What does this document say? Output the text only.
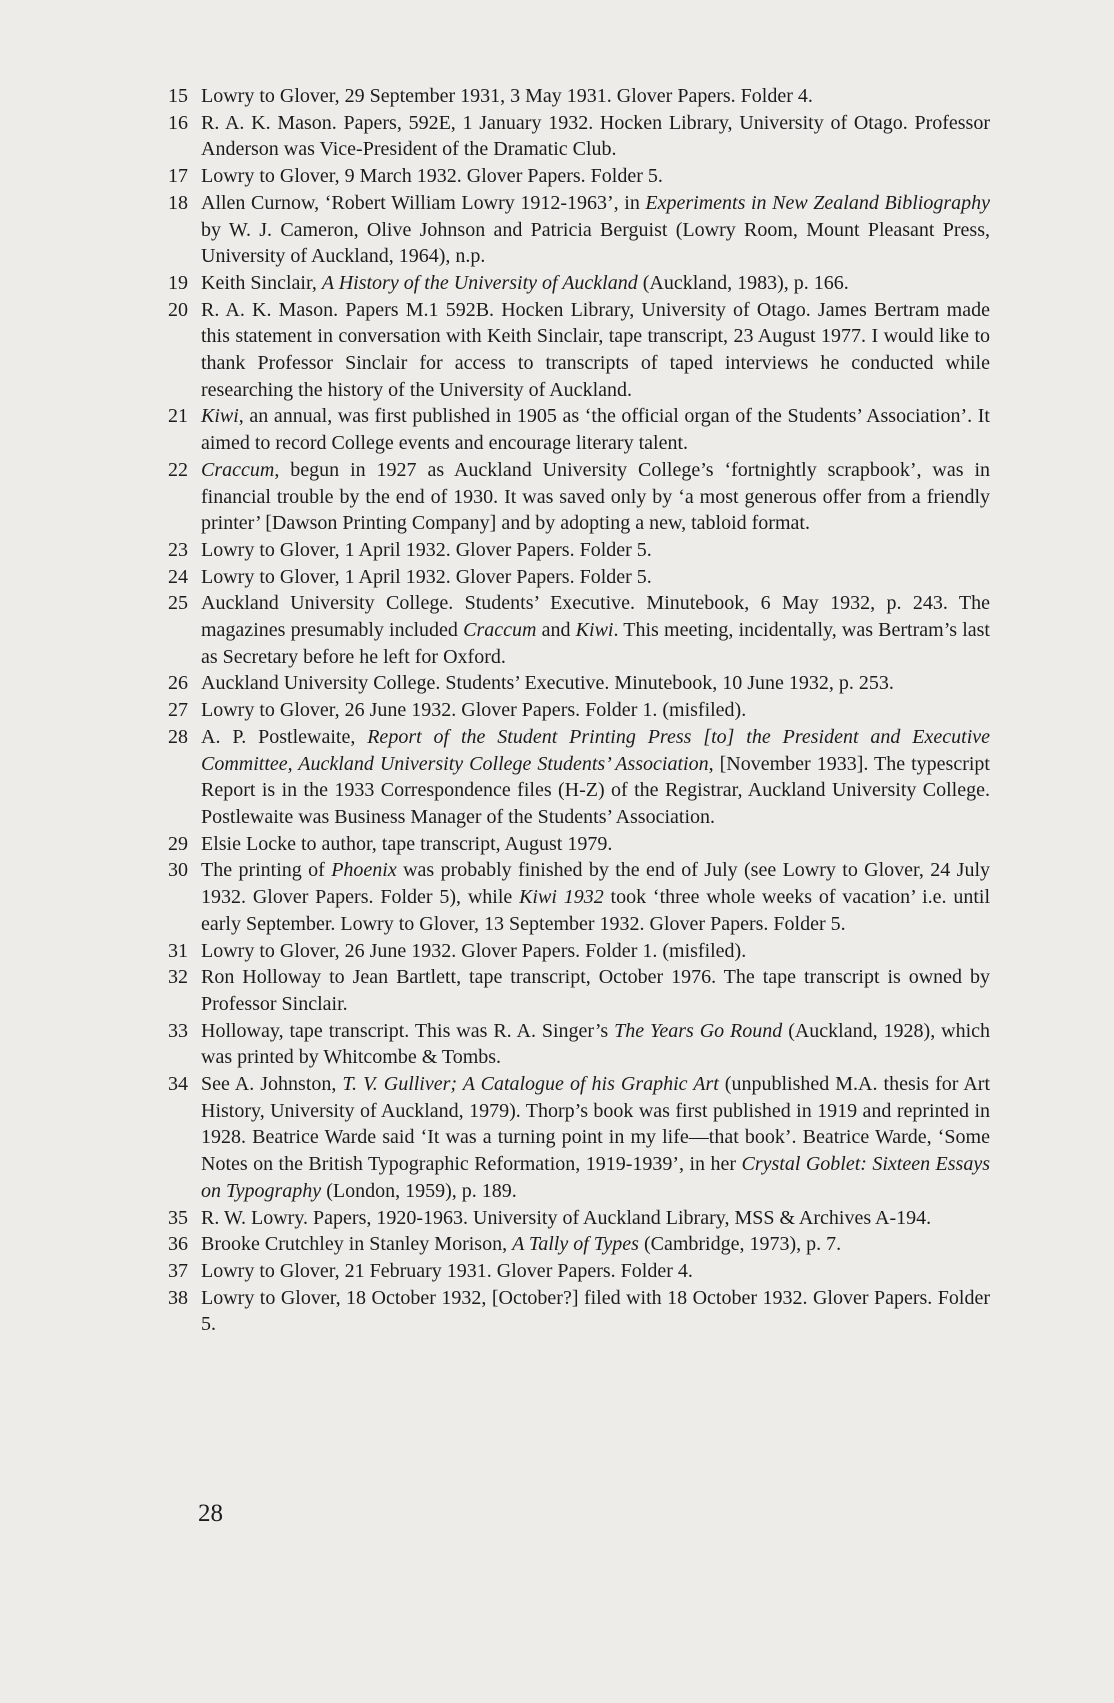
15 Lowry to Glover, 29 September 1931, 3 May 1931. Glover Papers. Folder 4.
16 R. A. K. Mason. Papers, 592E, 1 January 1932. Hocken Library, University of Otago. Professor Anderson was Vice-President of the Dramatic Club.
17 Lowry to Glover, 9 March 1932. Glover Papers. Folder 5.
18 Allen Curnow, ‘Robert William Lowry 1912-1963’, in Experiments in New Zealand Bibliography by W. J. Cameron, Olive Johnson and Patricia Berguist (Lowry Room, Mount Pleasant Press, University of Auckland, 1964), n.p.
19 Keith Sinclair, A History of the University of Auckland (Auckland, 1983), p. 166.
20 R. A. K. Mason. Papers M.1 592B. Hocken Library, University of Otago. James Bertram made this statement in conversation with Keith Sinclair, tape transcript, 23 August 1977. I would like to thank Professor Sinclair for access to transcripts of taped interviews he conducted while researching the history of the University of Auckland.
21 Kiwi, an annual, was first published in 1905 as ‘the official organ of the Students’ Association’. It aimed to record College events and encourage literary talent.
22 Craccum, begun in 1927 as Auckland University College’s ‘fortnightly scrapbook’, was in financial trouble by the end of 1930. It was saved only by ‘a most generous offer from a friendly printer’ [Dawson Printing Company] and by adopting a new, tabloid format.
23 Lowry to Glover, 1 April 1932. Glover Papers. Folder 5.
24 Lowry to Glover, 1 April 1932. Glover Papers. Folder 5.
25 Auckland University College. Students’ Executive. Minutebook, 6 May 1932, p. 243. The magazines presumably included Craccum and Kiwi. This meeting, incidentally, was Bertram’s last as Secretary before he left for Oxford.
26 Auckland University College. Students’ Executive. Minutebook, 10 June 1932, p. 253.
27 Lowry to Glover, 26 June 1932. Glover Papers. Folder 1. (misfiled).
28 A. P. Postlewaite, Report of the Student Printing Press [to] the President and Executive Committee, Auckland University College Students’ Association, [November 1933]. The typescript Report is in the 1933 Correspondence files (H-Z) of the Registrar, Auckland University College. Postlewaite was Business Manager of the Students’ Association.
29 Elsie Locke to author, tape transcript, August 1979.
30 The printing of Phoenix was probably finished by the end of July (see Lowry to Glover, 24 July 1932. Glover Papers. Folder 5), while Kiwi 1932 took ‘three whole weeks of vacation’ i.e. until early September. Lowry to Glover, 13 September 1932. Glover Papers. Folder 5.
31 Lowry to Glover, 26 June 1932. Glover Papers. Folder 1. (misfiled).
32 Ron Holloway to Jean Bartlett, tape transcript, October 1976. The tape transcript is owned by Professor Sinclair.
33 Holloway, tape transcript. This was R. A. Singer’s The Years Go Round (Auckland, 1928), which was printed by Whitcombe & Tombs.
34 See A. Johnston, T. V. Gulliver; A Catalogue of his Graphic Art (unpublished M.A. thesis for Art History, University of Auckland, 1979). Thorp’s book was first published in 1919 and reprinted in 1928. Beatrice Warde said ‘It was a turning point in my life—that book’. Beatrice Warde, ‘Some Notes on the British Typographic Reformation, 1919-1939’, in her Crystal Goblet: Sixteen Essays on Typography (London, 1959), p. 189.
35 R. W. Lowry. Papers, 1920-1963. University of Auckland Library, MSS & Archives A-194.
36 Brooke Crutchley in Stanley Morison, A Tally of Types (Cambridge, 1973), p. 7.
37 Lowry to Glover, 21 February 1931. Glover Papers. Folder 4.
38 Lowry to Glover, 18 October 1932, [October?] filed with 18 October 1932. Glover Papers. Folder 5.
28
